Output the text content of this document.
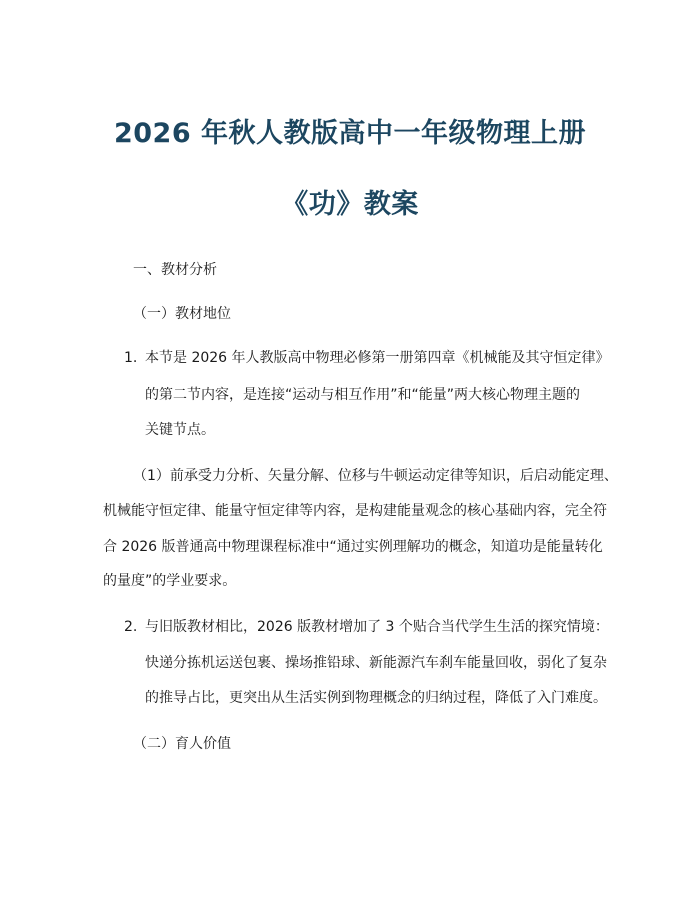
2026 年秋人教版高中一年级物理上册
《功》教案
一、教材分析
（一）教材地位
1. 本节是 2026 年人教版高中物理必修第一册第四章《机械能及其守恒定律》
的第二节内容，是连接“运动与相互作用”和“能量”两大核心物理主题的
关键节点。
（1）前承受力分析、矢量分解、位移与牛顿运动定律等知识，后启动能定理、
机械能守恒定律、能量守恒定律等内容，是构建能量观念的核心基础内容，完全符
合 2026 版普通高中物理课程标准中“通过实例理解功的概念，知道功是能量转化
的量度”的学业要求。
2. 与旧版教材相比，2026 版教材增加了 3 个贴合当代学生生活的探究情境：
快递分拣机运送包裹、操场推铅球、新能源汽车刹车能量回收，弱化了复杂
的推导占比，更突出从生活实例到物理概念的归纳过程，降低了入门难度。
（二）育人价值
